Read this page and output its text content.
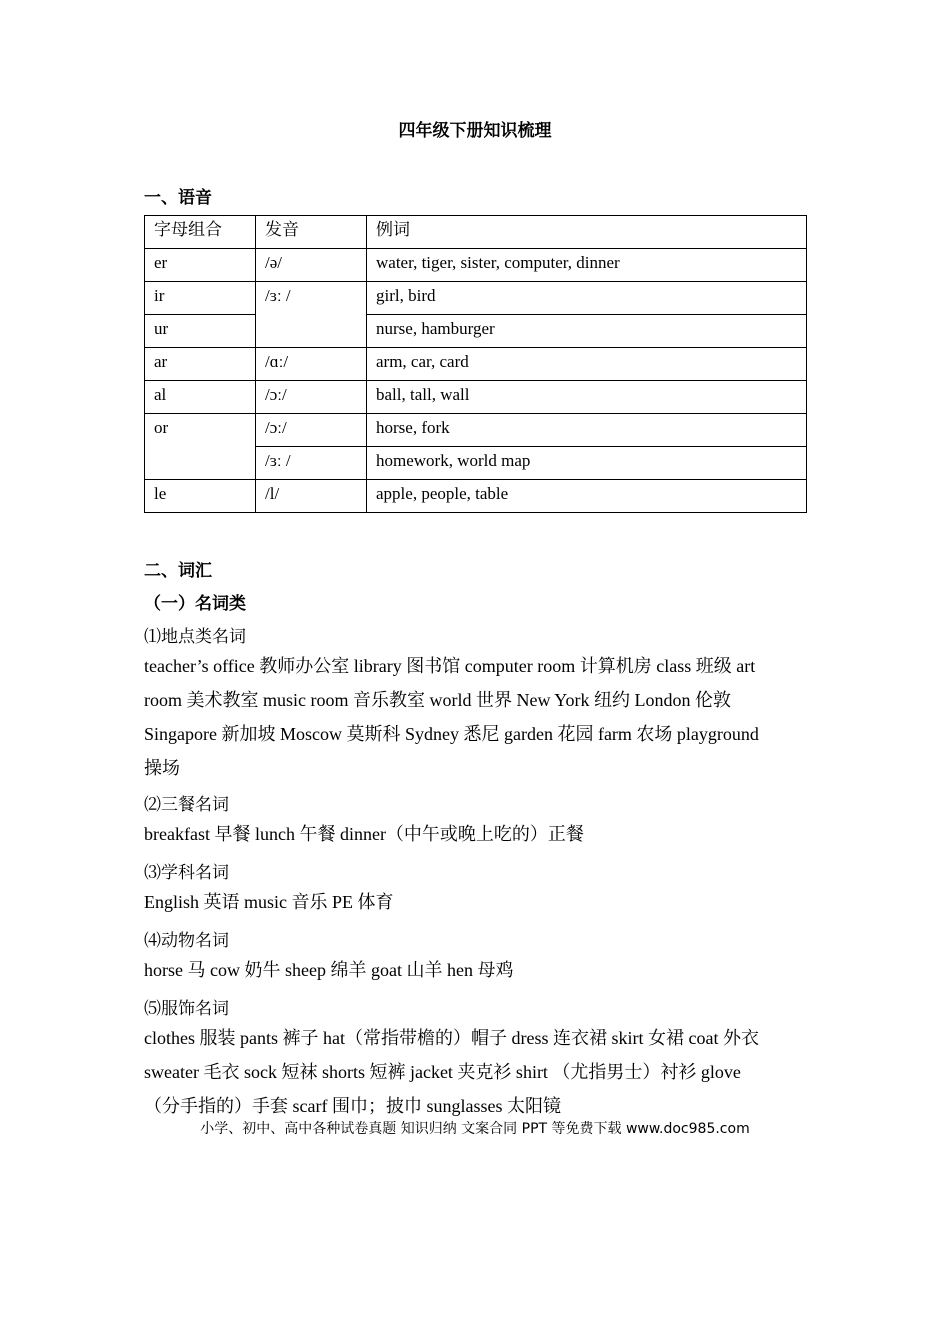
四年级下册知识梳理
一、语音
字母组合	发音	例词
er	/ə/	water, tiger, sister, computer, dinner
ir	/ɜː /	girl, bird
ur		nurse, hamburger
ar	/ɑː/	arm, car, card
al	/ɔː/	ball, tall, wall
or	/ɔː/	horse, fork
	/ɜː /	homework, world map
le	/l/	apple, people, table
二、词汇
（一）名词类
⑴地点类名词
teacher’s office 教师办公室 library 图书馆 computer room 计算机房 class 班级 art
room 美术教室 music room 音乐教室 world 世界 New York 纽约 London 伦敦
Singapore 新加坡 Moscow 莫斯科 Sydney 悉尼 garden 花园 farm 农场 playground
操场
⑵三餐名词
breakfast 早餐 lunch 午餐 dinner（中午或晚上吃的）正餐
⑶学科名词
English 英语 music 音乐 PE 体育
⑷动物名词
horse 马 cow 奶牛 sheep 绵羊 goat 山羊 hen 母鸡
⑸服饰名词
clothes 服装 pants 裤子 hat（常指带檐的）帽子 dress 连衣裙 skirt 女裙 coat 外衣
sweater 毛衣 sock 短袜 shorts 短裤 jacket 夹克衫 shirt （尤指男士）衬衫 glove
（分手指的）手套 scarf 围巾；披巾 sunglasses 太阳镜
小学、初中、高中各种试卷真题 知识归纳 文案合同 PPT 等免费下载 www.doc985.com
